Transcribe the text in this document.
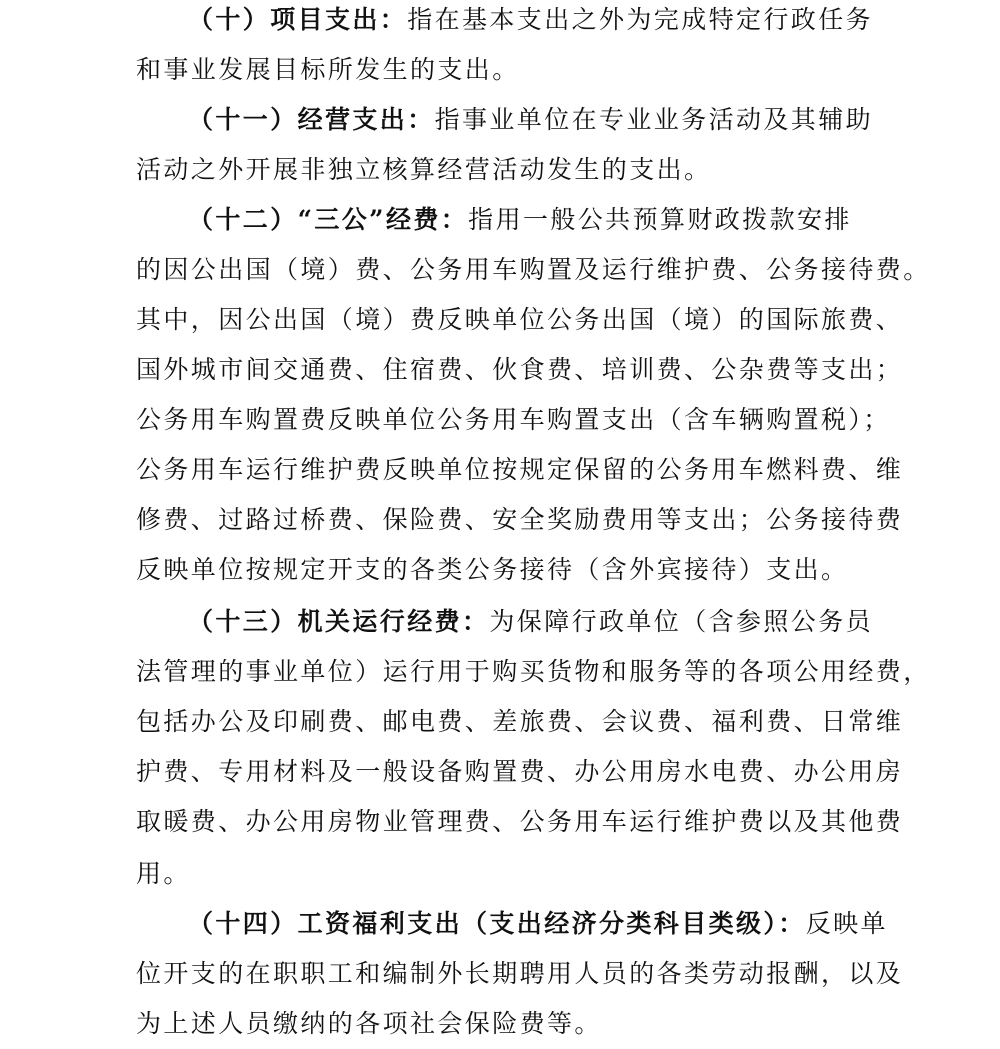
（十）项目支出：指在基本支出之外为完成特定行政任务
和事业发展目标所发生的支出。
（十一）经营支出：指事业单位在专业业务活动及其辅助
活动之外开展非独立核算经营活动发生的支出。
（十二）“三公”经费：指用一般公共预算财政拨款安排
的因公出国（境）费、公务用车购置及运行维护费、公务接待费。
其中，因公出国（境）费反映单位公务出国（境）的国际旅费、
国外城市间交通费、住宿费、伙食费、培训费、公杂费等支出；
公务用车购置费反映单位公务用车购置支出（含车辆购置税）；
公务用车运行维护费反映单位按规定保留的公务用车燃料费、维
修费、过路过桥费、保险费、安全奖励费用等支出；公务接待费
反映单位按规定开支的各类公务接待（含外宾接待）支出。
（十三）机关运行经费：为保障行政单位（含参照公务员
法管理的事业单位）运行用于购买货物和服务等的各项公用经费，
包括办公及印刷费、邮电费、差旅费、会议费、福利费、日常维
护费、专用材料及一般设备购置费、办公用房水电费、办公用房
取暖费、办公用房物业管理费、公务用车运行维护费以及其他费
用。
（十四）工资福利支出（支出经济分类科目类级）：反映单
位开支的在职职工和编制外长期聘用人员的各类劳动报酬，以及
为上述人员缴纳的各项社会保险费等。
